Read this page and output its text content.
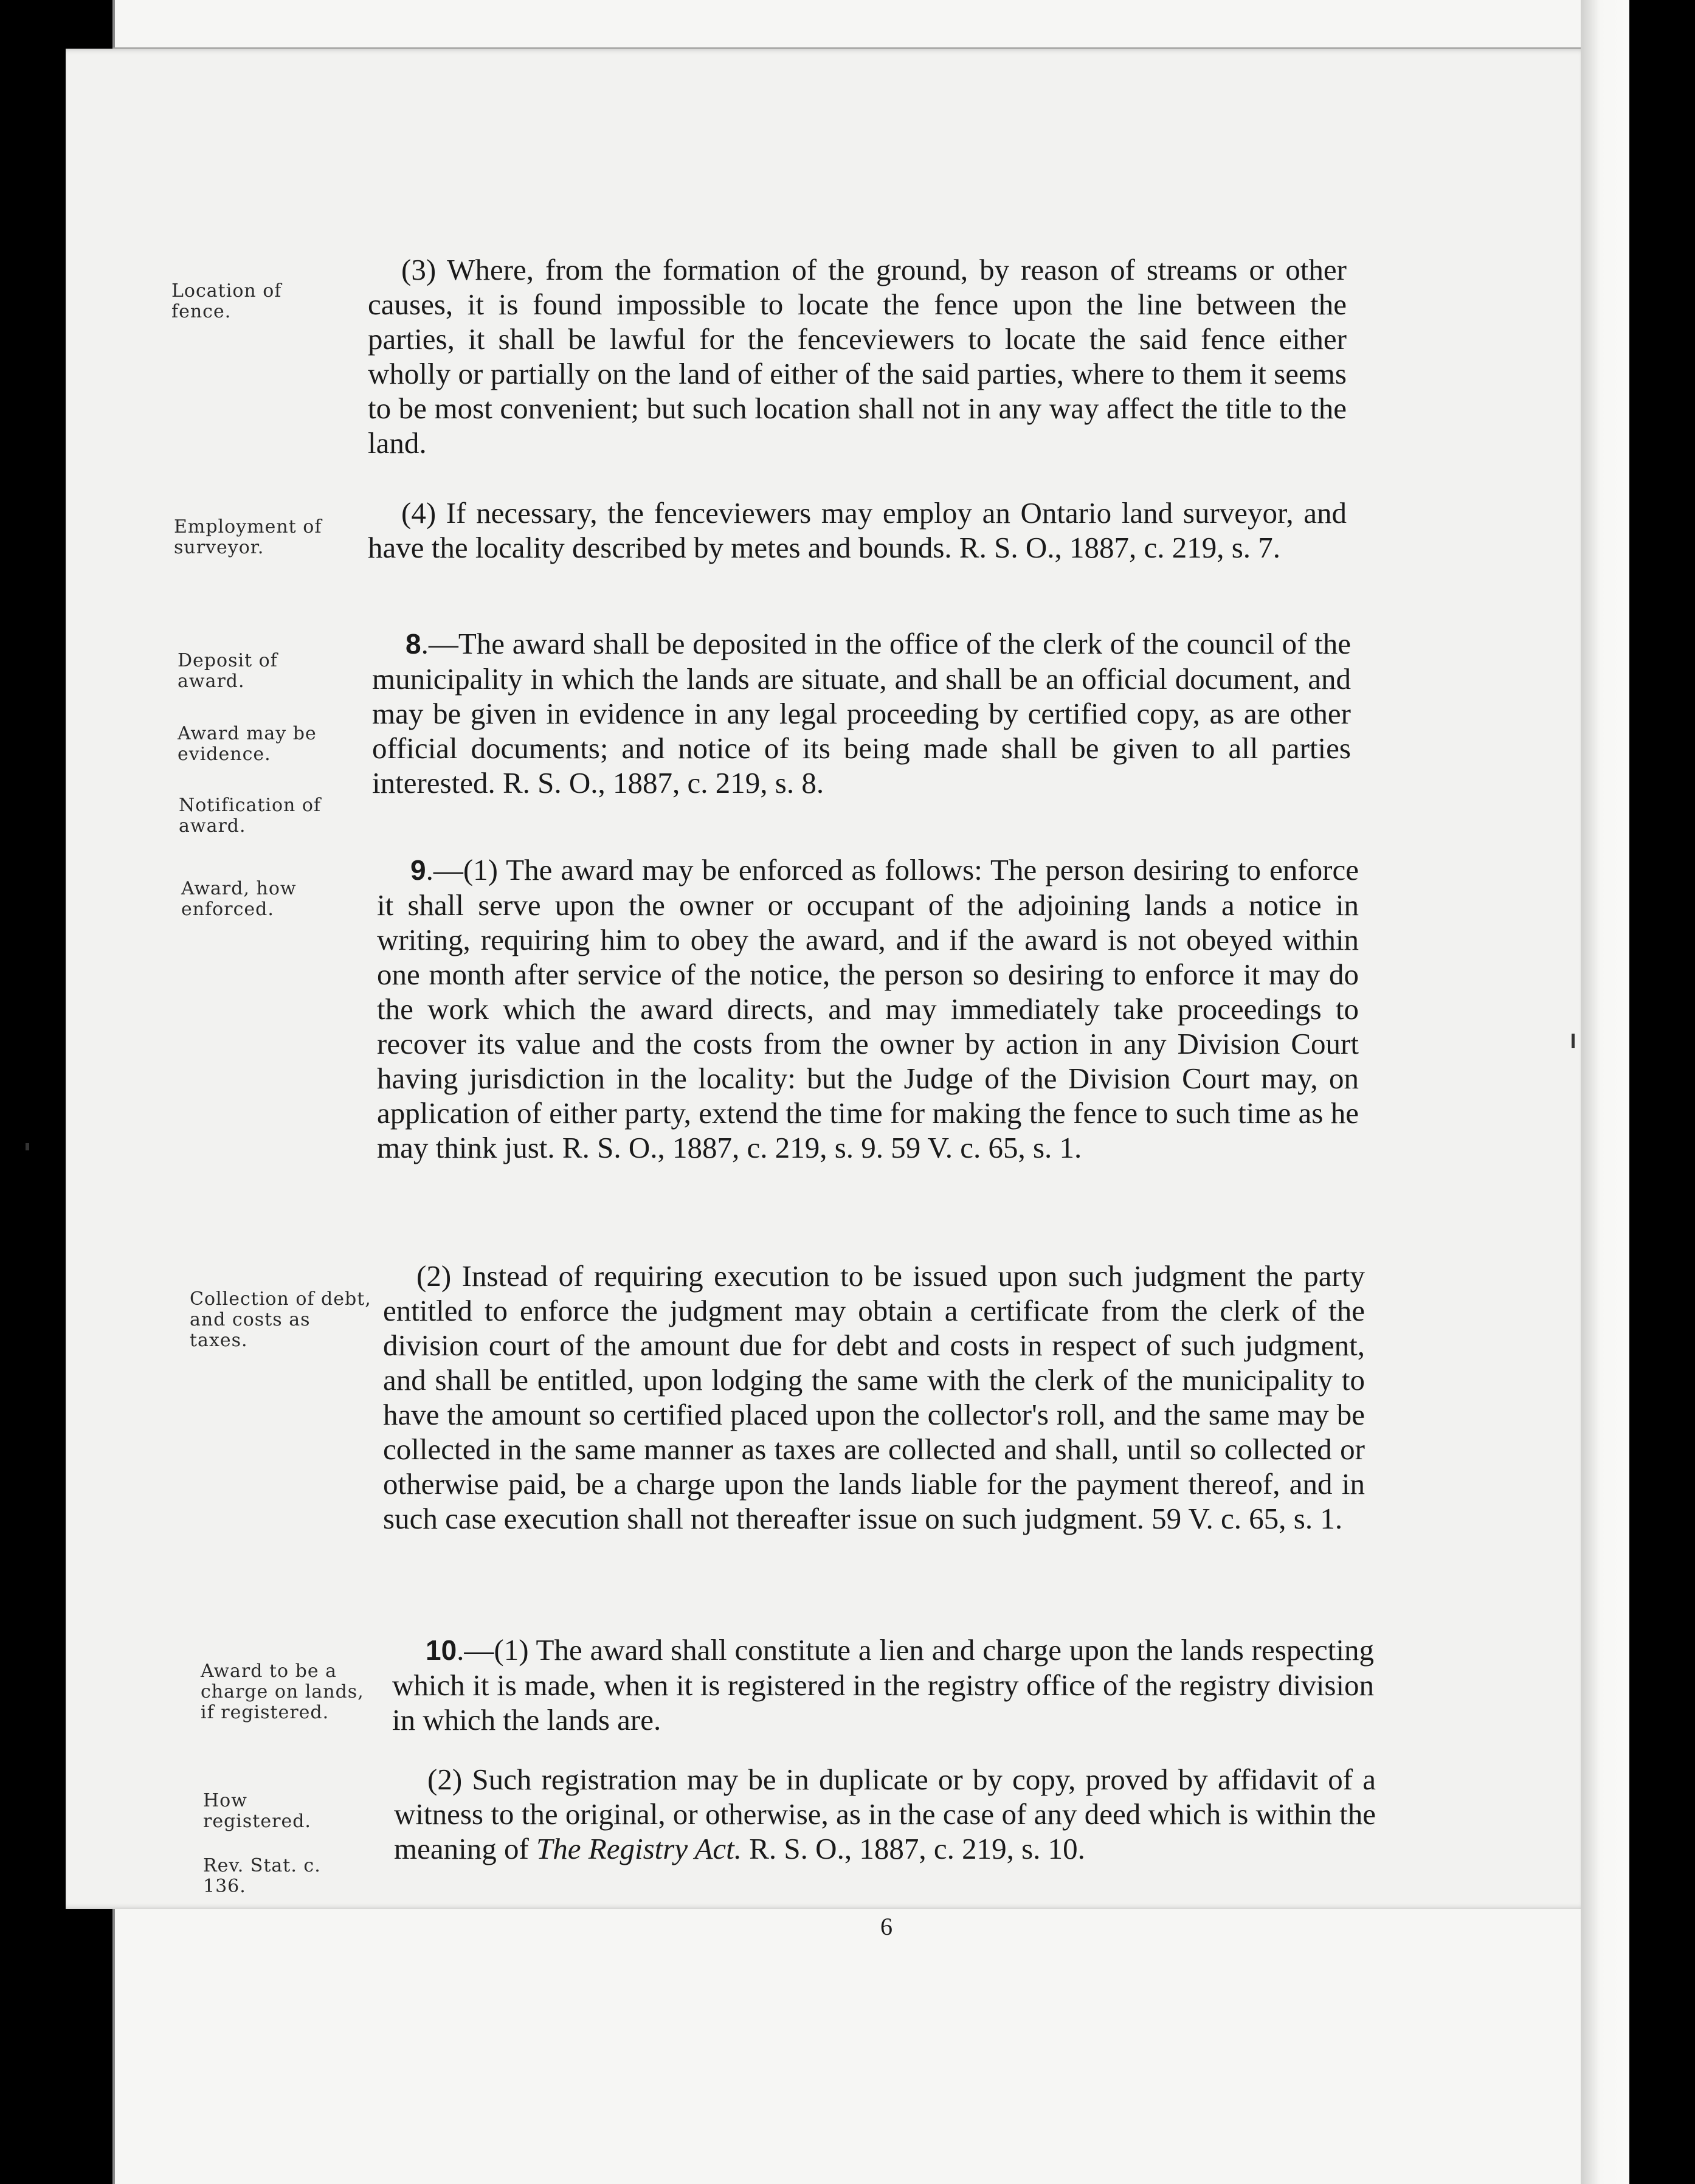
Location of fence.
Employment of surveyor.
Deposit of award.
Award may be evidence.
Notification of award.
Award, how enforced.
Collection of debt, and costs as taxes.
Award to be a charge on lands, if registered.
How registered.
Rev. Stat. c. 136.
(3) Where, from the formation of the ground, by reason of streams or other causes, it is found impossible to locate the fence upon the line between the parties, it shall be lawful for the fenceviewers to locate the said fence either wholly or partially on the land of either of the said parties, where to them it seems to be most convenient; but such location shall not in any way affect the title to the land.
(4) If necessary, the fenceviewers may employ an Ontario land surveyor, and have the locality described by metes and bounds. R. S. O., 1887, c. 219, s. 7.
8.—The award shall be deposited in the office of the clerk of the council of the municipality in which the lands are situate, and shall be an official document, and may be given in evidence in any legal proceeding by certified copy, as are other official documents; and notice of its being made shall be given to all parties interested. R. S. O., 1887, c. 219, s. 8.
9.—(1) The award may be enforced as follows: The person desiring to enforce it shall serve upon the owner or occupant of the adjoining lands a notice in writing, requiring him to obey the award, and if the award is not obeyed within one month after service of the notice, the person so desiring to enforce it may do the work which the award directs, and may immediately take proceedings to recover its value and the costs from the owner by action in any Division Court having jurisdiction in the locality: but the Judge of the Division Court may, on application of either party, extend the time for making the fence to such time as he may think just. R. S. O., 1887, c. 219, s. 9. 59 V. c. 65, s. 1.
(2) Instead of requiring execution to be issued upon such judgment the party entitled to enforce the judgment may obtain a certificate from the clerk of the division court of the amount due for debt and costs in respect of such judgment, and shall be entitled, upon lodging the same with the clerk of the municipality to have the amount so certified placed upon the collector's roll, and the same may be collected in the same manner as taxes are collected and shall, until so collected or otherwise paid, be a charge upon the lands liable for the payment thereof, and in such case execution shall not thereafter issue on such judgment. 59 V. c. 65, s. 1.
10.—(1) The award shall constitute a lien and charge upon the lands respecting which it is made, when it is registered in the registry office of the registry division in which the lands are.
(2) Such registration may be in duplicate or by copy, proved by affidavit of a witness to the original, or otherwise, as in the case of any deed which is within the meaning of The Registry Act. R. S. O., 1887, c. 219, s. 10.
6
